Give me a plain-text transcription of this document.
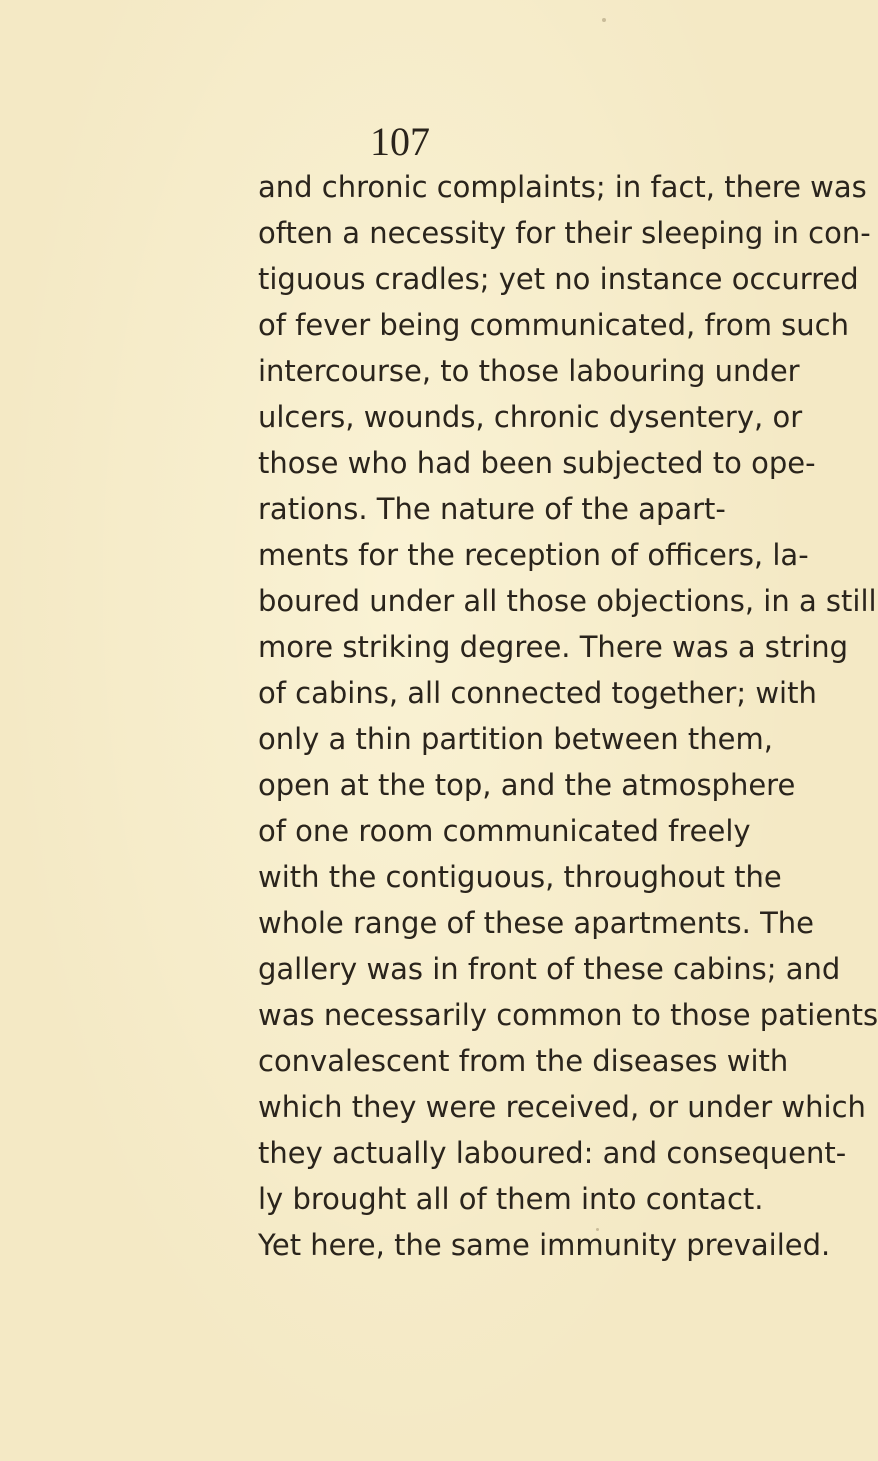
107
and chronic complaints; in fact, there was
often a necessity for their sleeping in con-
tiguous cradles; yet no instance occurred
of fever being communicated, from such
intercourse, to those labouring under
ulcers, wounds, chronic dysentery, or
those who had been subjected to ope-
rations. The nature of the apart-
ments for the reception of officers, la-
boured under all those objections, in a still
more striking degree. There was a string
of cabins, all connected together; with
only a thin partition between them,
open at the top, and the atmosphere
of one room communicated freely
with the contiguous, throughout the
whole range of these apartments. The
gallery was in front of these cabins; and
was necessarily common to those patients
convalescent from the diseases with
which they were received, or under which
they actually laboured: and consequent-
ly brought all of them into contact.
Yet here, the same immunity prevailed.
